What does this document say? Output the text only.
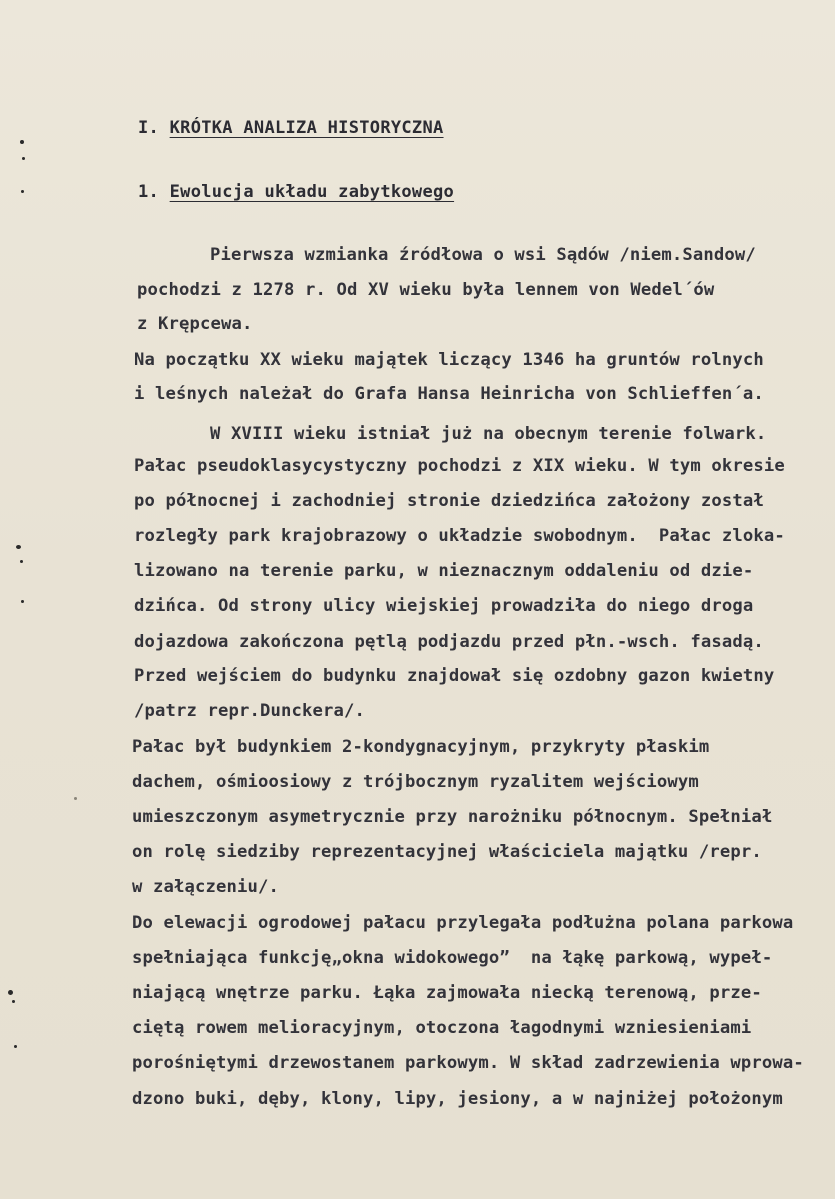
I. KRÓTKA ANALIZA HISTORYCZNA
1. Ewolucja układu zabytkowego
Pierwsza wzmianka źródłowa o wsi Sądów /niem.Sandow/
pochodzi z 1278 r. Od XV wieku była lennem von Wedel´ów
z Krępcewa.
Na początku XX wieku majątek liczący 1346 ha gruntów rolnych
i leśnych należał do Grafa Hansa Heinricha von Schlieffen´a.
W XVIII wieku istniał już na obecnym terenie folwark.
Pałac pseudoklasycystyczny pochodzi z XIX wieku. W tym okresie
po północnej i zachodniej stronie dziedzińca założony został
rozległy park krajobrazowy o układzie swobodnym.  Pałac zloka-
lizowano na terenie parku, w nieznacznym oddaleniu od dzie-
dzińca. Od strony ulicy wiejskiej prowadziła do niego droga
dojazdowa zakończona pętlą podjazdu przed płn.-wsch. fasadą.
Przed wejściem do budynku znajdował się ozdobny gazon kwietny
/patrz repr.Dunckera/.
Pałac był budynkiem 2-kondygnacyjnym, przykryty płaskim
dachem, ośmioosiowy z trójbocznym ryzalitem wejściowym
umieszczonym asymetrycznie przy narożniku północnym. Spełniał
on rolę siedziby reprezentacyjnej właściciela majątku /repr.
w załączeniu/.
Do elewacji ogrodowej pałacu przylegała podłużna polana parkowa
spełniająca funkcję„okna widokowego”  na łąkę parkową, wypeł-
niającą wnętrze parku. Łąka zajmowała niecką terenową, prze-
ciętą rowem melioracyjnym, otoczona łagodnymi wzniesieniami
porośniętymi drzewostanem parkowym. W skład zadrzewienia wprowa-
dzono buki, dęby, klony, lipy, jesiony, a w najniżej położonym
